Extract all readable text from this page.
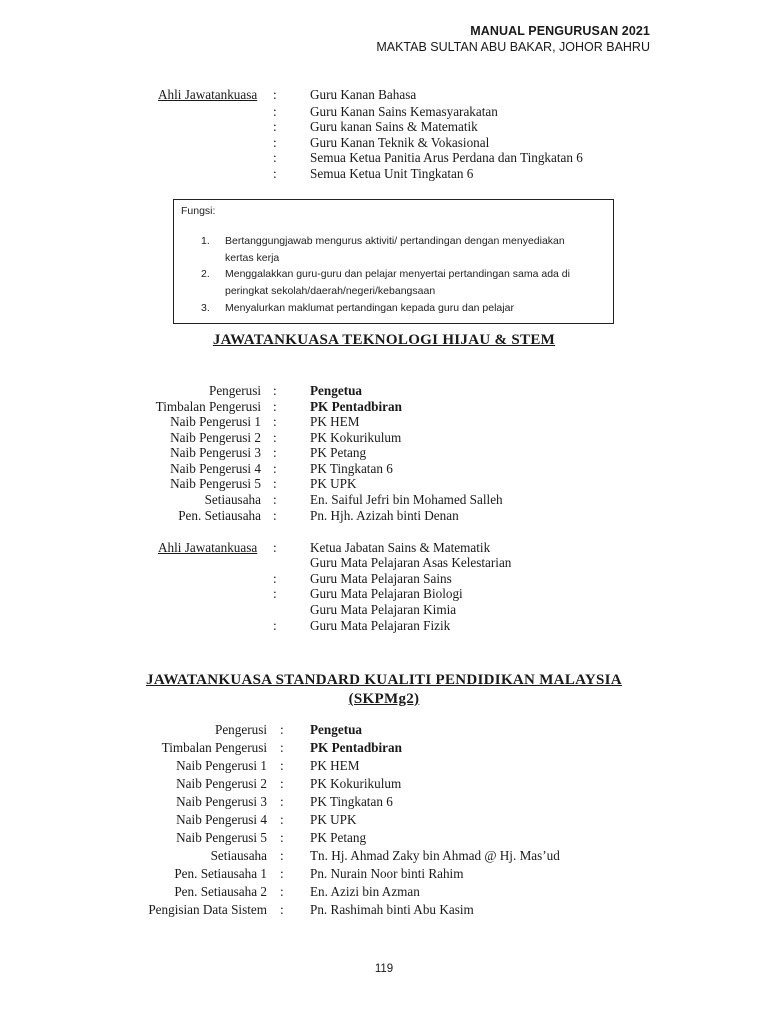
MANUAL PENGURUSAN 2021
MAKTAB SULTAN ABU BAKAR, JOHOR BAHRU
Ahli Jawatankuasa :	Guru Kanan Bahasa
:	Guru Kanan Sains Kemasyarakatan
:	Guru kanan Sains & Matematik
:	Guru Kanan Teknik & Vokasional
:	Semua Ketua Panitia Arus Perdana dan Tingkatan 6
:	Semua Ketua Unit Tingkatan 6
Fungsi:
1. Bertanggungjawab mengurus aktiviti/ pertandingan dengan menyediakan
kertas kerja
2. Menggalakkan guru-guru dan pelajar menyertai pertandingan sama ada di
peringkat sekolah/daerah/negeri/kebangsaan
3. Menyalurkan maklumat pertandingan kepada guru dan pelajar
JAWATANKUASA TEKNOLOGI HIJAU & STEM
Pengerusi :	Pengetua
Timbalan Pengerusi :	PK Pentadbiran
Naib Pengerusi 1 :	PK HEM
Naib Pengerusi 2 :	PK Kokurikulum
Naib Pengerusi 3 :	PK Petang
Naib Pengerusi 4 :	PK Tingkatan 6
Naib Pengerusi 5 :	PK UPK
Setiausaha :	En. Saiful Jefri bin Mohamed Salleh
Pen. Setiausaha :	Pn. Hjh. Azizah binti Denan
Ahli Jawatankuasa :	Ketua Jabatan Sains & Matematik
Guru Mata Pelajaran Asas Kelestarian
:	Guru Mata Pelajaran Sains
:	Guru Mata Pelajaran Biologi
Guru Mata Pelajaran Kimia
:	Guru Mata Pelajaran Fizik
JAWATANKUASA STANDARD KUALITI PENDIDIKAN MALAYSIA
(SKPMg2)
Pengerusi : Pengetua
Timbalan Pengerusi : PK Pentadbiran
Naib Pengerusi 1 : PK HEM
Naib Pengerusi 2 : PK Kokurikulum
Naib Pengerusi 3 : PK Tingkatan 6
Naib Pengerusi 4 : PK UPK
Naib Pengerusi 5 : PK Petang
Setiausaha : Tn. Hj. Ahmad Zaky bin Ahmad @ Hj. Mas’ud
Pen. Setiausaha 1 : Pn. Nurain Noor binti Rahim
Pen. Setiausaha 2 : En. Azizi bin Azman
Pengisian Data Sistem : Pn. Rashimah binti Abu Kasim
119
